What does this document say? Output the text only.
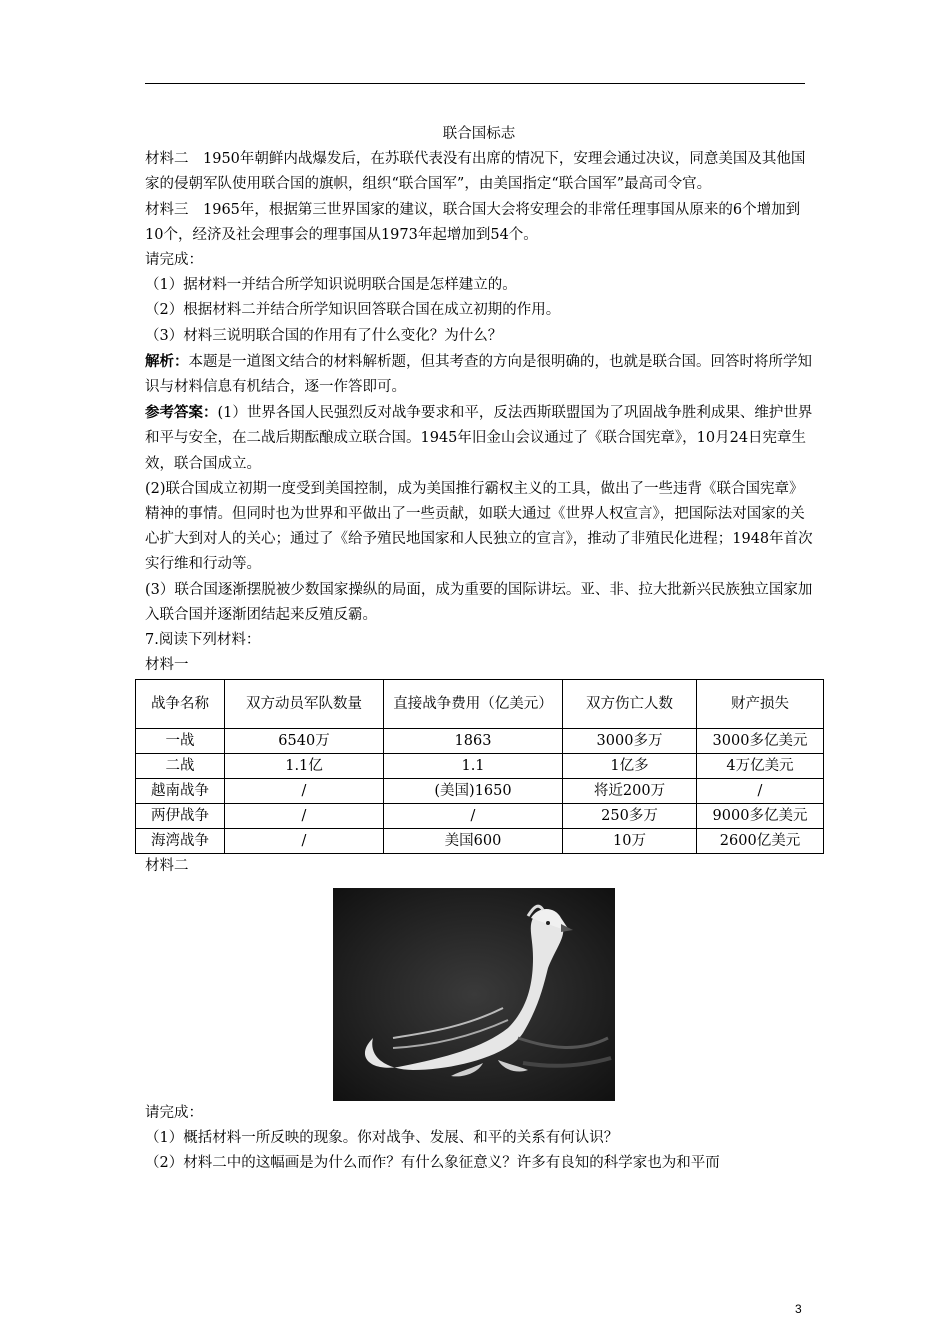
联合国标志

材料二　1950年朝鲜内战爆发后，在苏联代表没有出席的情况下，安理会通过决议，同意美国及其他国家的侵朝军队使用联合国的旗帜，组织“联合国军”，由美国指定“联合国军”最高司令官。

材料三　1965年，根据第三世界国家的建议，联合国大会将安理会的非常任理事国从原来的6个增加到10个，经济及社会理事会的理事国从1973年起增加到54个。

请完成：

（1）据材料一并结合所学知识说明联合国是怎样建立的。

（2）根据材料二并结合所学知识回答联合国在成立初期的作用。

（3）材料三说明联合国的作用有了什么变化？为什么？

解析：本题是一道图文结合的材料解析题，但其考查的方向是很明确的，也就是联合国。回答时将所学知识与材料信息有机结合，逐一作答即可。

参考答案：(1）世界各国人民强烈反对战争要求和平，反法西斯联盟国为了巩固战争胜利成果、维护世界和平与安全，在二战后期酝酿成立联合国。1945年旧金山会议通过了《联合国宪章》，10月24日宪章生效，联合国成立。

(2)联合国成立初期一度受到美国控制，成为美国推行霸权主义的工具，做出了一些违背《联合国宪章》精神的事情。但同时也为世界和平做出了一些贡献，如联大通过《世界人权宣言》，把国际法对国家的关心扩大到对人的关心；通过了《给予殖民地国家和人民独立的宣言》，推动了非殖民化进程；1948年首次实行维和行动等。

(3）联合国逐渐摆脱被少数国家操纵的局面，成为重要的国际讲坛。亚、非、拉大批新兴民族独立国家加入联合国并逐渐团结起来反殖反霸。

7.阅读下列材料：

材料一

战争名称	双方动员军队数量	直接战争费用（亿美元）	双方伤亡人数	财产损失
一战	6540万	1863	3000多万	3000多亿美元
二战	1.1亿	1.1	1亿多	4万亿美元
越南战争	/	(美国)1650	将近200万	/
两伊战争	/	/	250多万	9000多亿美元
海湾战争	/	美国600	10万	2600亿美元

材料二

请完成：

（1）概括材料一所反映的现象。你对战争、发展、和平的关系有何认识？

（2）材料二中的这幅画是为什么而作？有什么象征意义？许多有良知的科学家也为和平而

3
